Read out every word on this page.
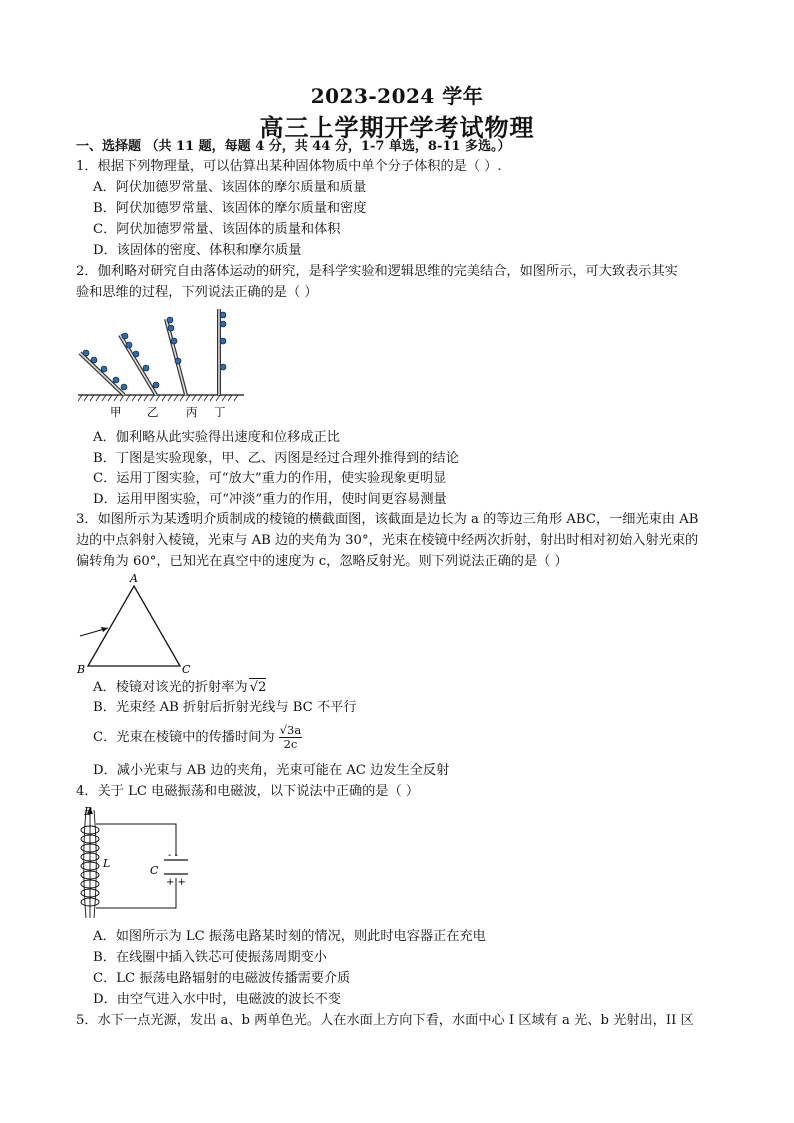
2023-2024 学年
高三上学期开学考试物理
一、选择题 （共 11 题，每题 4 分，共 44 分，1-7 单选，8-11 多选。）
1．根据下列物理量，可以估算出某种固体物质中单个分子体积的是（ ）.
A．阿伏加德罗常量、该固体的摩尔质量和质量
B．阿伏加德罗常量、该固体的摩尔质量和密度
C．阿伏加德罗常量、该固体的质量和体积
D．该固体的密度、体积和摩尔质量
2．伽利略对研究自由落体运动的研究，是科学实验和逻辑思维的完美结合，如图所示，可大致表示其实
验和思维的过程，下列说法正确的是（ ）
甲 乙 丙 丁
A．伽利略从此实验得出速度和位移成正比
B．丁图是实验现象，甲、乙、丙图是经过合理外推得到的结论
C．运用丁图实验，可“放大”重力的作用，使实验现象更明显
D．运用甲图实验，可“冲淡”重力的作用，使时间更容易测量
3．如图所示为某透明介质制成的棱镜的横截面图，该截面是边长为 a 的等边三角形 ABC，一细光束由 AB
边的中点斜射入棱镜，光束与 AB 边的夹角为 30°，光束在棱镜中经两次折射，射出时相对初始入射光束的
偏转角为 60°，已知光在真空中的速度为 c，忽略反射光。则下列说法正确的是（ ）
A
B	C
A．棱镜对该光的折射率为 √2
B．光束经 AB 折射后折射光线与 BC 不平行
C．光束在棱镜中的传播时间为 $\frac{√3a}{2c}$
D．减小光束与 AB 边的夹角，光束可能在 AC 边发生全反射
4．关于 LC 电磁振荡和电磁波，以下说法中正确的是（ ）
- -
+ +
B
L
C
A．如图所示为 LC 振荡电路某时刻的情况，则此时电容器正在充电
B．在线圈中插入铁芯可使振荡周期变小
C．LC 振荡电路辐射的电磁波传播需要介质
D．由空气进入水中时，电磁波的波长不变
5．水下一点光源，发出 a、b 两单色光。人在水面上方向下看，水面中心 I 区域有 a 光、b 光射出，II 区
